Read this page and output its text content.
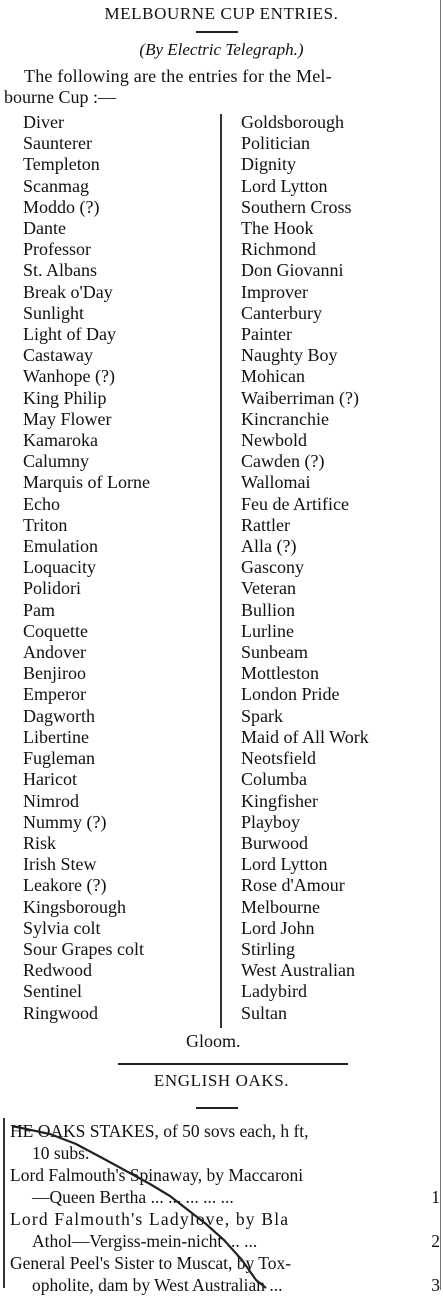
MELBOURNE CUP ENTRIES.
(By Electric Telegraph.)
The following are the entries for the Mel-
bourne Cup :—
Diver
Saunterer
Templeton
Scanmag
Moddo (?)
Dante
Professor
St. Albans
Break o'Day
Sunlight
Light of Day
Castaway
Wanhope (?)
King Philip
May Flower
Kamaroka
Calumny
Marquis of Lorne
Echo
Triton
Emulation
Loquacity
Polidori
Pam
Coquette
Andover
Benjiroo
Emperor
Dagworth
Libertine
Fugleman
Haricot
Nimrod
Nummy (?)
Risk
Irish Stew
Leakore (?)
Kingsborough
Sylvia colt
Sour Grapes colt
Redwood
Sentinel
Ringwood
Goldsborough
Politician
Dignity
Lord Lytton
Southern Cross
The Hook
Richmond
Don Giovanni
Improver
Canterbury
Painter
Naughty Boy
Mohican
Waiberriman (?)
Kincranchie
Newbold
Cawden (?)
Wallomai
Feu de Artifice
Rattler
Alla (?)
Gascony
Veteran
Bullion
Lurline
Sunbeam
Mottleston
London Pride
Spark
Maid of All Work
Neotsfield
Columba
Kingfisher
Playboy
Burwood
Lord Lytton
Rose d'Amour
Melbourne
Lord John
Stirling
West Australian
Ladybird
Sultan
Gloom.
ENGLISH OAKS.
HE OAKS STAKES, of 50 sovs each, h ft,
10 subs.
Lord Falmouth's Spinaway, by Maccaroni
—Queen Bertha ... ... ... ... ...	1
Lord Falmouth's Ladylove, by Bla
Athol—Vergiss-mein-nicht ... ...	2
General Peel's Sister to Muscat, by Tox-
opholite, dam by West Australian ...	3
